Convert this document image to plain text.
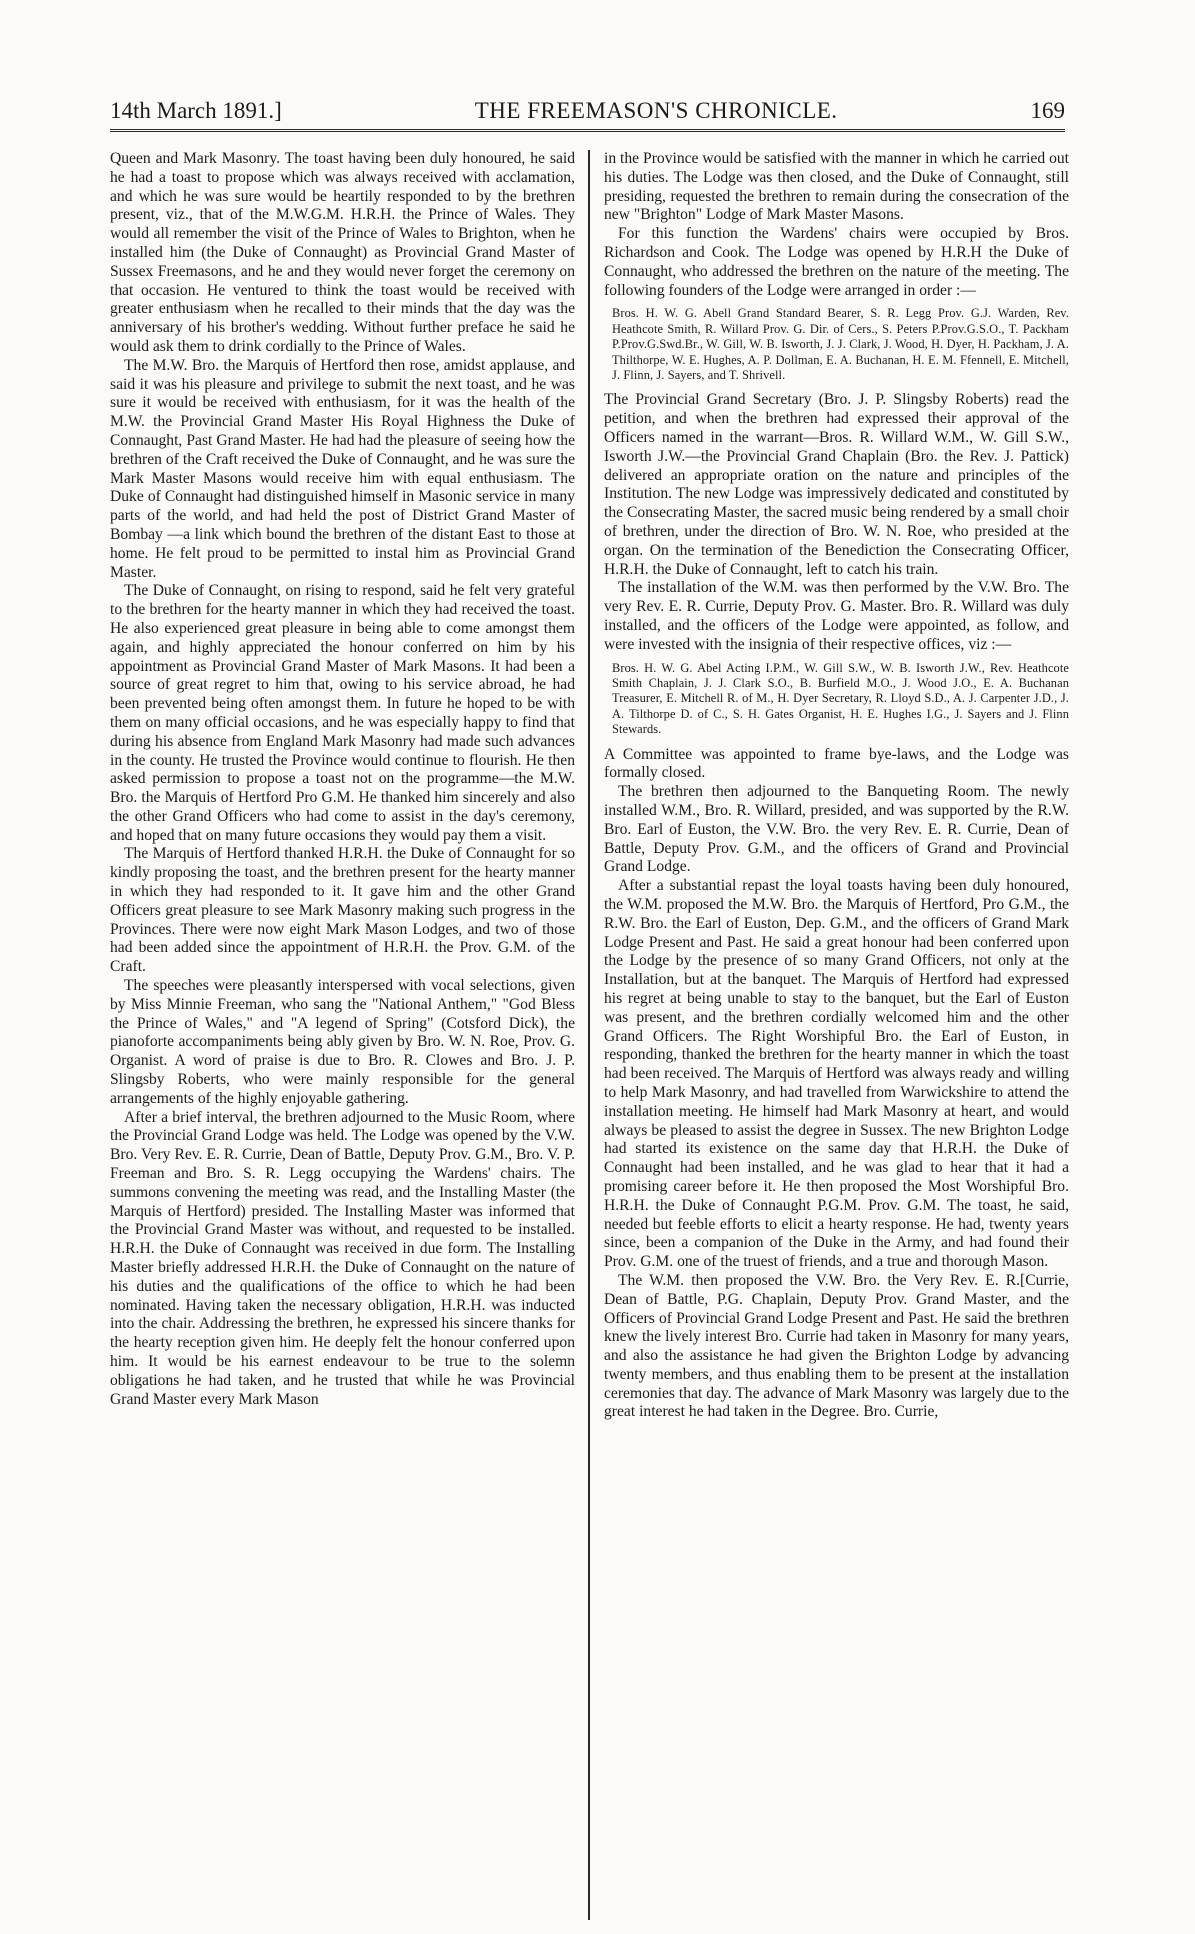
14th March 1891.]	THE FREEMASON'S CHRONICLE.	169

Queen and Mark Masonry. The toast having been duly honoured, he said he had a toast to propose which was always received with acclamation, and which he was sure would be heartily responded to by the brethren present, viz., that of the M.W.G.M. H.R.H. the Prince of Wales. They would all remember the visit of the Prince of Wales to Brighton, when he installed him (the Duke of Connaught) as Provincial Grand Master of Sussex Freemasons, and he and they would never forget the ceremony on that occasion. He ventured to think the toast would be received with greater enthusiasm when he recalled to their minds that the day was the anniversary of his brother's wedding. Without further preface he said he would ask them to drink cordially to the Prince of Wales.

The M.W. Bro. the Marquis of Hertford then rose, amidst applause, and said it was his pleasure and privilege to submit the next toast, and he was sure it would be received with enthusiasm, for it was the health of the M.W. the Provincial Grand Master His Royal Highness the Duke of Connaught, Past Grand Master. He had had the pleasure of seeing how the brethren of the Craft received the Duke of Connaught, and he was sure the Mark Master Masons would receive him with equal enthusiasm. The Duke of Connaught had distinguished himself in Masonic service in many parts of the world, and had held the post of District Grand Master of Bombay —a link which bound the brethren of the distant East to those at home. He felt proud to be permitted to instal him as Provincial Grand Master.

The Duke of Connaught, on rising to respond, said he felt very grateful to the brethren for the hearty manner in which they had received the toast. He also experienced great pleasure in being able to come amongst them again, and highly appreciated the honour conferred on him by his appointment as Provincial Grand Master of Mark Masons. It had been a source of great regret to him that, owing to his service abroad, he had been prevented being often amongst them. In future he hoped to be with them on many official occasions, and he was especially happy to find that during his absence from England Mark Masonry had made such advances in the county. He trusted the Province would continue to flourish. He then asked permission to propose a toast not on the programme—the M.W. Bro. the Marquis of Hertford Pro G.M. He thanked him sincerely and also the other Grand Officers who had come to assist in the day's ceremony, and hoped that on many future occasions they would pay them a visit.

The Marquis of Hertford thanked H.R.H. the Duke of Connaught for so kindly proposing the toast, and the brethren present for the hearty manner in which they had responded to it. It gave him and the other Grand Officers great pleasure to see Mark Masonry making such progress in the Provinces. There were now eight Mark Mason Lodges, and two of those had been added since the appointment of H.R.H. the Prov. G.M. of the Craft.

The speeches were pleasantly interspersed with vocal selections, given by Miss Minnie Freeman, who sang the "National Anthem," "God Bless the Prince of Wales," and "A legend of Spring" (Cotsford Dick), the pianoforte accompaniments being ably given by Bro. W. N. Roe, Prov. G. Organist. A word of praise is due to Bro. R. Clowes and Bro. J. P. Slingsby Roberts, who were mainly responsible for the general arrangements of the highly enjoyable gathering.

After a brief interval, the brethren adjourned to the Music Room, where the Provincial Grand Lodge was held. The Lodge was opened by the V.W. Bro. Very Rev. E. R. Currie, Dean of Battle, Deputy Prov. G.M., Bro. V. P. Freeman and Bro. S. R. Legg occupying the Wardens' chairs. The summons convening the meeting was read, and the Installing Master (the Marquis of Hertford) presided. The Installing Master was informed that the Provincial Grand Master was without, and requested to be installed. H.R.H. the Duke of Connaught was received in due form. The Installing Master briefly addressed H.R.H. the Duke of Connaught on the nature of his duties and the qualifications of the office to which he had been nominated. Having taken the necessary obligation, H.R.H. was inducted into the chair. Addressing the brethren, he expressed his sincere thanks for the hearty reception given him. He deeply felt the honour conferred upon him. It would be his earnest endeavour to be true to the solemn obligations he had taken, and he trusted that while he was Provincial Grand Master every Mark Mason

in the Province would be satisfied with the manner in which he carried out his duties. The Lodge was then closed, and the Duke of Connaught, still presiding, requested the brethren to remain during the consecration of the new "Brighton" Lodge of Mark Master Masons.

For this function the Wardens' chairs were occupied by Bros. Richardson and Cook. The Lodge was opened by H.R.H the Duke of Connaught, who addressed the brethren on the nature of the meeting. The following founders of the Lodge were arranged in order :—

Bros. H. W. G. Abell Grand Standard Bearer, S. R. Legg Prov. G.J. Warden, Rev. Heathcote Smith, R. Willard Prov. G. Dir. of Cers., S. Peters P.Prov.G.S.O., T. Packham P.Prov.G.Swd.Br., W. Gill, W. B. Isworth, J. J. Clark, J. Wood, H. Dyer, H. Packham, J. A. Thilthorpe, W. E. Hughes, A. P. Dollman, E. A. Buchanan, H. E. M. Ffennell, E. Mitchell, J. Flinn, J. Sayers, and T. Shrivell.

The Provincial Grand Secretary (Bro. J. P. Slingsby Roberts) read the petition, and when the brethren had expressed their approval of the Officers named in the warrant—Bros. R. Willard W.M., W. Gill S.W., Isworth J.W.—the Provincial Grand Chaplain (Bro. the Rev. J. Pattick) delivered an appropriate oration on the nature and principles of the Institution. The new Lodge was impressively dedicated and constituted by the Consecrating Master, the sacred music being rendered by a small choir of brethren, under the direction of Bro. W. N. Roe, who presided at the organ. On the termination of the Benediction the Consecrating Officer, H.R.H. the Duke of Connaught, left to catch his train.

The installation of the W.M. was then performed by the V.W. Bro. The very Rev. E. R. Currie, Deputy Prov. G. Master. Bro. R. Willard was duly installed, and the officers of the Lodge were appointed, as follow, and were invested with the insignia of their respective offices, viz :—

Bros. H. W. G. Abel Acting I.P.M., W. Gill S.W., W. B. Isworth J.W., Rev. Heathcote Smith Chaplain, J. J. Clark S.O., B. Burfield M.O., J. Wood J.O., E. A. Buchanan Treasurer, E. Mitchell R. of M., H. Dyer Secretary, R. Lloyd S.D., A. J. Carpenter J.D., J. A. Tilthorpe D. of C., S. H. Gates Organist, H. E. Hughes I.G., J. Sayers and J. Flinn Stewards.

A Committee was appointed to frame bye-laws, and the Lodge was formally closed.

The brethren then adjourned to the Banqueting Room. The newly installed W.M., Bro. R. Willard, presided, and was supported by the R.W. Bro. Earl of Euston, the V.W. Bro. the very Rev. E. R. Currie, Dean of Battle, Deputy Prov. G.M., and the officers of Grand and Provincial Grand Lodge.

After a substantial repast the loyal toasts having been duly honoured, the W.M. proposed the M.W. Bro. the Marquis of Hertford, Pro G.M., the R.W. Bro. the Earl of Euston, Dep. G.M., and the officers of Grand Mark Lodge Present and Past. He said a great honour had been conferred upon the Lodge by the presence of so many Grand Officers, not only at the Installation, but at the banquet. The Marquis of Hertford had expressed his regret at being unable to stay to the banquet, but the Earl of Euston was present, and the brethren cordially welcomed him and the other Grand Officers. The Right Worshipful Bro. the Earl of Euston, in responding, thanked the brethren for the hearty manner in which the toast had been received. The Marquis of Hertford was always ready and willing to help Mark Masonry, and had travelled from Warwickshire to attend the installation meeting. He himself had Mark Masonry at heart, and would always be pleased to assist the degree in Sussex. The new Brighton Lodge had started its existence on the same day that H.R.H. the Duke of Connaught had been installed, and he was glad to hear that it had a promising career before it. He then proposed the Most Worshipful Bro. H.R.H. the Duke of Connaught P.G.M. Prov. G.M. The toast, he said, needed but feeble efforts to elicit a hearty response. He had, twenty years since, been a companion of the Duke in the Army, and had found their Prov. G.M. one of the truest of friends, and a true and thorough Mason.

The W.M. then proposed the V.W. Bro. the Very Rev. E. R.[Currie, Dean of Battle, P.G. Chaplain, Deputy Prov. Grand Master, and the Officers of Provincial Grand Lodge Present and Past. He said the brethren knew the lively interest Bro. Currie had taken in Masonry for many years, and also the assistance he had given the Brighton Lodge by advancing twenty members, and thus enabling them to be present at the installation ceremonies that day. The advance of Mark Masonry was largely due to the great interest he had taken in the Degree. Bro. Currie,
